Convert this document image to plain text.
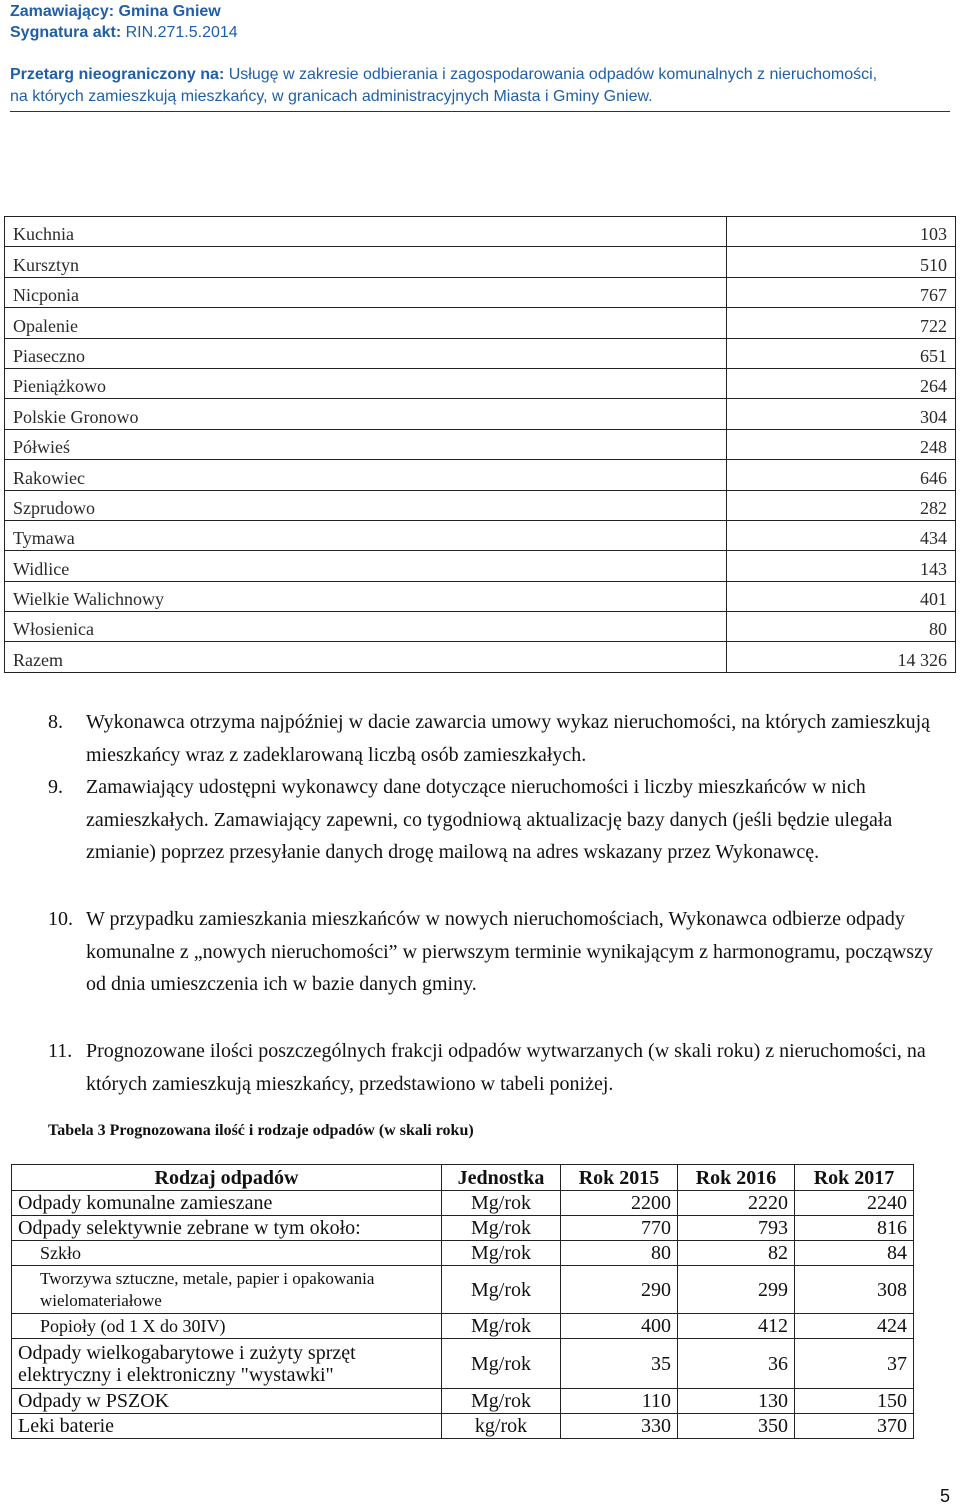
Zamawiający: Gmina Gniew
Sygnatura akt: RIN.271.5.2014
Przetarg nieograniczony na: Usługę w zakresie odbierania i zagospodarowania odpadów komunalnych z nieruchomości,
na których zamieszkują mieszkańcy, w granicach administracyjnych Miasta i Gminy Gniew.
Kuchnia	103
Kursztyn	510
Nicponia	767
Opalenie	722
Piaseczno	651
Pieniążkowo	264
Polskie Gronowo	304
Półwieś	248
Rakowiec	646
Szprudowo	282
Tymawa	434
Widlice	143
Wielkie Walichnowy	401
Włosienica	80
Razem	14 326
8. Wykonawca otrzyma najpóźniej w dacie zawarcia umowy wykaz nieruchomości, na których zamieszkują mieszkańcy wraz z zadeklarowaną liczbą osób zamieszkałych.
9. Zamawiający udostępni wykonawcy dane dotyczące nieruchomości i liczby mieszkańców w nich zamieszkałych. Zamawiający zapewni, co tygodniową aktualizację bazy danych (jeśli będzie ulegała zmianie) poprzez przesyłanie danych drogę mailową na adres wskazany przez Wykonawcę.
10. W przypadku zamieszkania mieszkańców w nowych nieruchomościach, Wykonawca odbierze odpady komunalne z „nowych nieruchomości” w pierwszym terminie wynikającym z harmonogramu, począwszy od dnia umieszczenia ich w bazie danych gminy.
11. Prognozowane ilości poszczególnych frakcji odpadów wytwarzanych (w skali roku) z nieruchomości, na których zamieszkują mieszkańcy, przedstawiono w tabeli poniżej.
Tabela 3 Prognozowana ilość i rodzaje odpadów (w skali roku)
Rodzaj odpadów	Jednostka	Rok 2015	Rok 2016	Rok 2017
Odpady komunalne zamieszane	Mg/rok	2200	2220	2240
Odpady selektywnie zebrane w tym około:	Mg/rok	770	793	816
Szkło	Mg/rok	80	82	84
Tworzywa sztuczne, metale, papier i opakowania wielomateriałowe	Mg/rok	290	299	308
Popioły (od 1 X do 30IV)	Mg/rok	400	412	424
Odpady wielkogabarytowe i zużyty sprzęt elektryczny i elektroniczny "wystawki"	Mg/rok	35	36	37
Odpady w PSZOK	Mg/rok	110	130	150
Leki baterie	kg/rok	330	350	370
5
